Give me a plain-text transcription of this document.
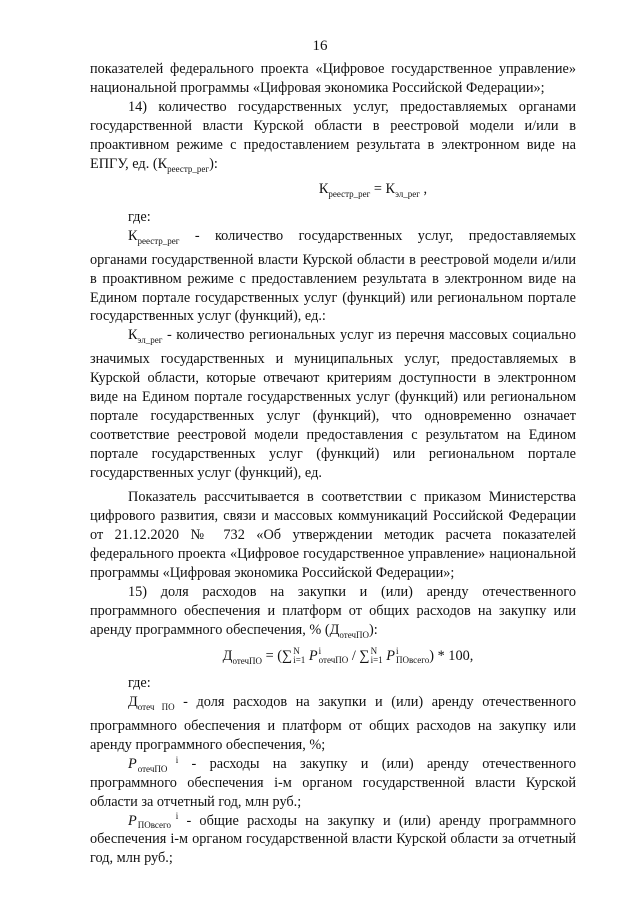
16

показателей федерального проекта «Цифровое государственное управление» национальной программы «Цифровая экономика Российской Федерации»;

14) количество государственных услуг, предоставляемых органами государственной власти Курской области в реестровой модели и/или в проактивном режиме с предоставлением результата в электронном виде на ЕПГУ, ед. $(К_{реестр\_рег})$:

$К_{реестр\_рег} = К_{эл\_рег}$ ,

где:

$К_{реестр\_рег}$ - количество государственных услуг, предоставляемых органами государственной власти Курской области в реестровой модели и/или в проактивном режиме с предоставлением результата в электронном виде на Едином портале государственных услуг (функций) или региональном портале государственных услуг (функций), ед.:

$К_{эл\_рег}$ - количество региональных услуг из перечня массовых социально значимых государственных и муниципальных услуг, предоставляемых в Курской области, которые отвечают критериям доступности в электронном виде на Едином портале государственных услуг (функций) или региональном портале государственных услуг (функций), что одновременно означает соответствие реестровой модели предоставления с результатом на Едином портале государственных услуг (функций) или региональном портале государственных услуг (функций), ед.

Показатель рассчитывается в соответствии с приказом Министерства цифрового развития, связи и массовых коммуникаций Российской Федерации от 21.12.2020 № 732 «Об утверждении методик расчета показателей федерального проекта «Цифровое государственное управление» национальной программы «Цифровая экономика Российской Федерации»;

15) доля расходов на закупки и (или) аренду отечественного программного обеспечения и платформ от общих расходов на закупку или аренду программного обеспечения, % $(Д_{отечПО})$:

$Д_{отечПО} = (\sum N$
i=1 Pi
отечПО / ∑N
i=1 Pi
ПОвсего) * 100,

где:

$Д_{отеч ПО}$ - доля расходов на закупки и (или) аренду отечественного программного обеспечения и платформ от общих расходов на закупку или аренду программного обеспечения, %;

P	i
отечПО - расходы на закупку и (или) аренду отечественного программного обеспечения i-м органом государственной власти Курской области за отчетный год, млн руб.;

P	i
ПОвсего - общие расходы на закупку и (или) аренду программного обеспечения i-м органом государственной власти Курской области за отчетный год, млн руб.;
